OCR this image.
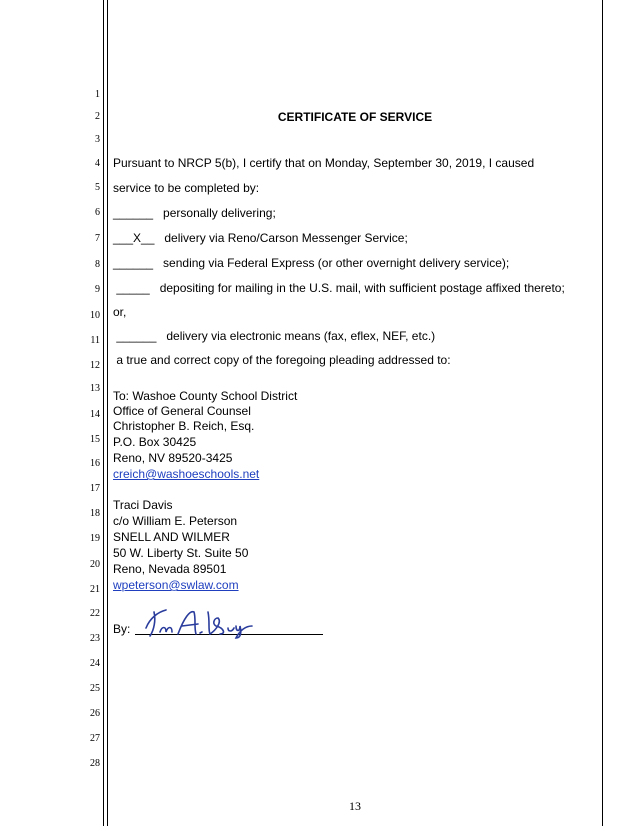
1
2
3
4
5
6
7
8
9
10
11
12
13
14
15
16
17
18
19
20
21
22
23
24
25
26
27
28
CERTIFICATE OF SERVICE
Pursuant to NRCP 5(b), I certify that on Monday, September 30, 2019, I caused
service to be completed by:
______   personally delivering;
___X__   delivery via Reno/Carson Messenger Service;
______   sending via Federal Express (or other overnight delivery service);
_____   depositing for mailing in the U.S. mail, with sufficient postage affixed thereto;
or,
______   delivery via electronic means (fax, eflex, NEF, etc.)
a true and correct copy of the foregoing pleading addressed to:
To: Washoe County School District
Office of General Counsel
Christopher B. Reich, Esq.
P.O. Box 30425
Reno, NV 89520-3425
creich@washoeschools.net
Traci Davis
c/o William E. Peterson
SNELL AND WILMER
50 W. Liberty St. Suite 50
Reno, Nevada 89501
wpeterson@swlaw.com
By:
13
